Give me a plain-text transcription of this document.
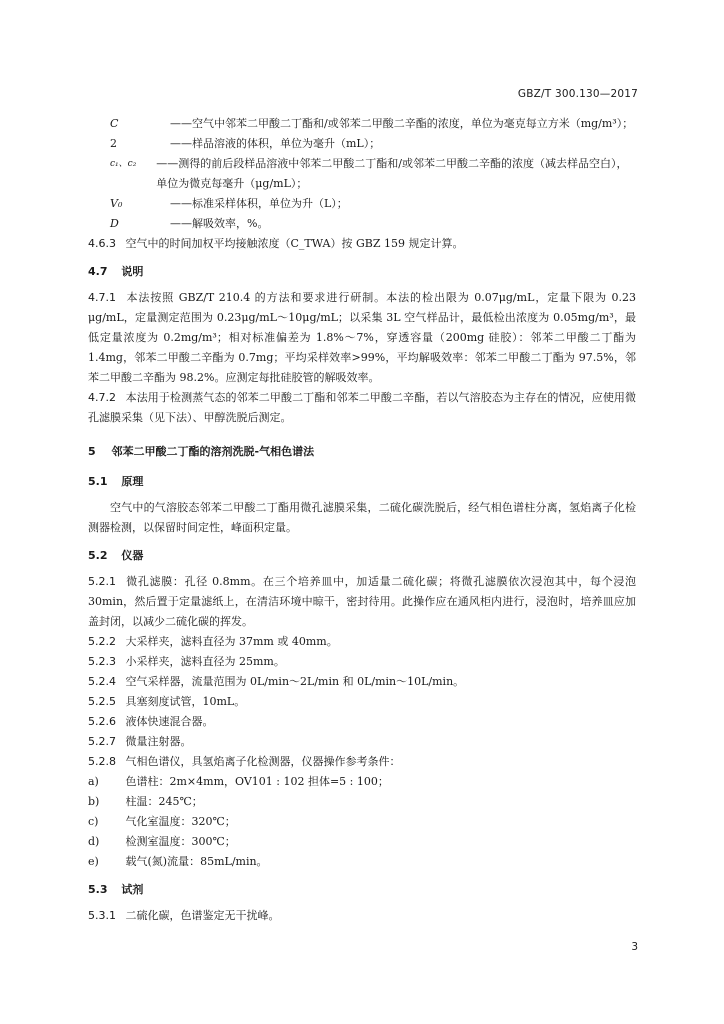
GBZ/T 300.130—2017
C	——空气中邻苯二甲酸二丁酯和/或邻苯二甲酸二辛酯的浓度，单位为毫克每立方米（mg/m³）；
2	——样品溶液的体积，单位为毫升（mL）；
c₁、c₂	——测得的前后段样品溶液中邻苯二甲酸二丁酯和/或邻苯二甲酸二辛酯的浓度（减去样品空白），单位为微克每毫升（μg/mL）；
V₀	——标准采样体积，单位为升（L）；
D	——解吸效率，%。
4.6.3 空气中的时间加权平均接触浓度（C_TWA）按 GBZ 159 规定计算。
4.7 说明
4.7.1 本法按照 GBZ/T 210.4 的方法和要求进行研制。本法的检出限为 0.07μg/mL，定量下限为 0.23 μg/mL，定量测定范围为 0.23μg/mL～10μg/mL；以采集 3L 空气样品计，最低检出浓度为 0.05mg/m³，最低定量浓度为 0.2mg/m³；相对标准偏差为 1.8%～7%，穿透容量（200mg 硅胶）：邻苯二甲酸二丁酯为 1.4mg，邻苯二甲酸二辛酯为 0.7mg；平均采样效率>99%，平均解吸效率：邻苯二甲酸二丁酯为 97.5%，邻苯二甲酸二辛酯为 98.2%。应测定每批硅胶管的解吸效率。
4.7.2 本法用于检测蒸气态的邻苯二甲酸二丁酯和邻苯二甲酸二辛酯，若以气溶胶态为主存在的情况，应使用微孔滤膜采集（见下法）、甲醇洗脱后测定。
5 邻苯二甲酸二丁酯的溶剂洗脱-气相色谱法
5.1 原理
空气中的气溶胶态邻苯二甲酸二丁酯用微孔滤膜采集，二硫化碳洗脱后，经气相色谱柱分离，氢焰离子化检测器检测，以保留时间定性，峰面积定量。
5.2 仪器
5.2.1 微孔滤膜：孔径 0.8mm。在三个培养皿中，加适量二硫化碳；将微孔滤膜依次浸泡其中，每个浸泡 30min，然后置于定量滤纸上，在清洁环境中晾干，密封待用。此操作应在通风柜内进行，浸泡时，培养皿应加盖封闭，以减少二硫化碳的挥发。
5.2.2 大采样夹，滤料直径为 37mm 或 40mm。
5.2.3 小采样夹，滤料直径为 25mm。
5.2.4 空气采样器，流量范围为 0L/min～2L/min 和 0L/min～10L/min。
5.2.5 具塞刻度试管，10mL。
5.2.6 液体快速混合器。
5.2.7 微量注射器。
5.2.8 气相色谱仪，具氢焰离子化检测器，仪器操作参考条件：
a) 色谱柱：2m×4mm，OV101 : 102 担体=5 : 100；
b) 柱温：245℃；
c) 气化室温度：320℃；
d) 检测室温度：300℃；
e) 载气(氮)流量：85mL/min。
5.3 试剂
5.3.1 二硫化碳，色谱鉴定无干扰峰。
3
